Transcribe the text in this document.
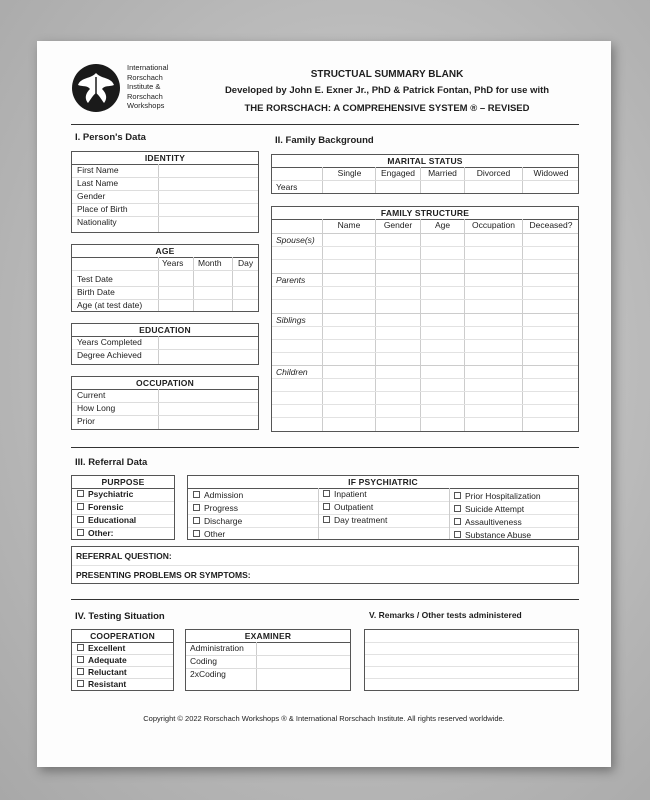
International
Rorschach
Institute &
Rorschach
Workshops
STRUCTUAL SUMMARY BLANK
Developed by John E. Exner Jr., PhD & Patrick Fontan, PhD for use with
THE RORSCHACH: A COMPREHENSIVE SYSTEM ® – REVISED
I. Person's Data
IDENTITY
First Name
Last Name
Gender
Place of Birth
Nationality
AGE
Years Month Day
Test Date
Birth Date
Age (at test date)
EDUCATION
Years Completed
Degree Achieved
OCCUPATION
Current
How Long
Prior
II. Family Background
MARITAL STATUS
Single	Engaged	Married	Divorced	Widowed
Years
FAMILY STRUCTURE
Name	Gender	Age	Occupation	Deceased?
Spouse(s)
Parents
Siblings
Children
III. Referral Data
PURPOSE
Psychiatric
Forensic
Educational
Other:
IF PSYCHIATRIC
Admission
Progress
Discharge
Other
Inpatient
Outpatient
Day treatment
Prior Hospitalization
Suicide Attempt
Assaultiveness
Substance Abuse
REFERRAL QUESTION:
PRESENTING PROBLEMS OR SYMPTOMS:
IV. Testing Situation
COOPERATION
Excellent
Adequate
Reluctant
Resistant
EXAMINER
Administration
Coding
2xCoding
V. Remarks / Other tests administered
Copyright © 2022 Rorschach Workshops ® & International Rorschach Institute. All rights reserved worldwide.
